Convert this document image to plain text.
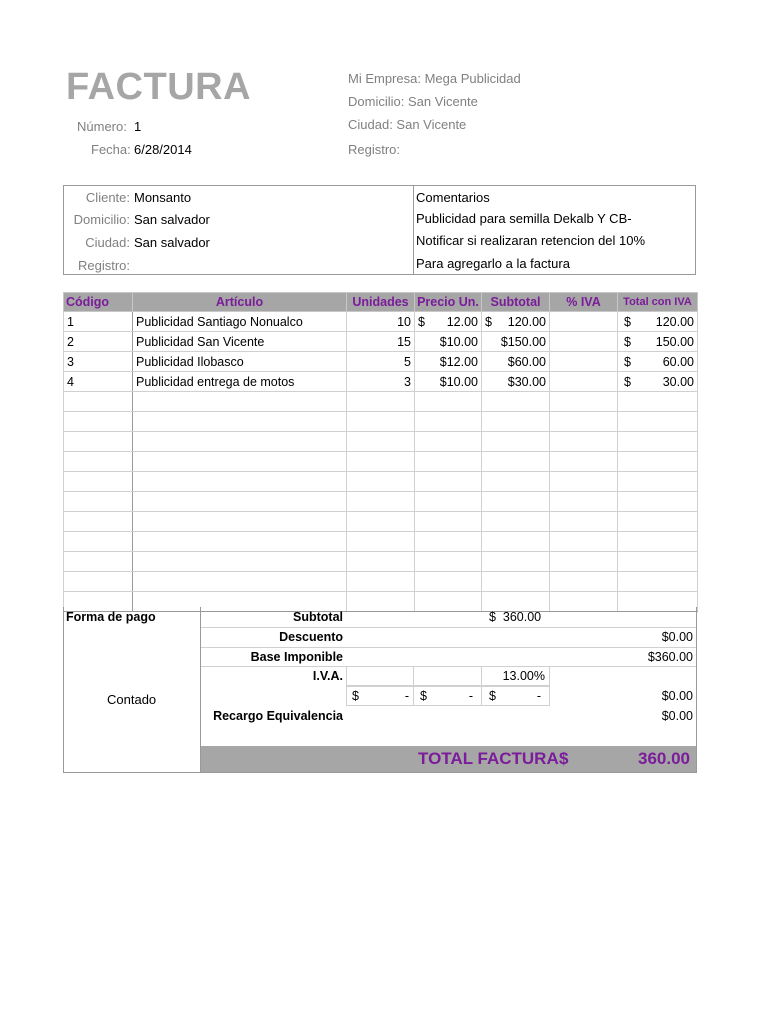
FACTURA
Número: 1
Fecha: 6/28/2014
Mi Empresa: Mega Publicidad
Domicilio: San Vicente
Ciudad: San Vicente
Registro:
Cliente: Monsanto
Domicilio: San salvador
Ciudad: San salvador
Registro:
Comentarios
Publicidad para semilla Dekalb Y CB-
Notificar si realizaran retencion del 10%
Para agregarlo a la factura
Código	Artículo	Unidades	Precio Un.	Subtotal	% IVA	Total con IVA
1	Publicidad Santiago Nonualco	10	$ 12.00	$ 120.00		$ 120.00

2	Publicidad San Vicente	15	$10.00	$150.00		$ 150.00

3	Publicidad Ilobasco	5	$12.00	$60.00		$ 60.00

4	Publicidad entrega de motos	3	$10.00	$30.00		$ 30.00

Forma de pago
Contado
Subtotal	$  360.00
Descuento	$0.00
Base Imponible	$360.00
I.V.A.	13.00%
$	- $	- $	-	$0.00
Recargo Equivalencia	$0.00
TOTAL FACTURA $	360.00
